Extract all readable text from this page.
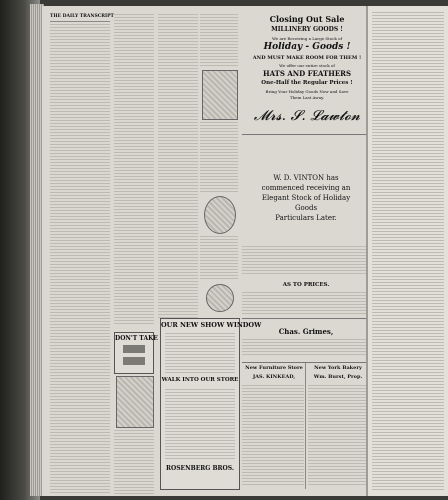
THE DAILY TRANSCRIPT
DON'T TAKE
OUR NEW SHOW WINDOW
WALK INTO OUR STORE
ROSENBERG BROS.
Closing Out Sale
MILLINERY GOODS !
We are Receiving a Large Stock of
Holiday - Goods !
AND MUST MAKE ROOM FOR THEM !
We offer our entire stock of
HATS AND FEATHERS
One-Half the Regular Prices !
Bring Your Holiday Goods Now and Save
Them Last Away.
𝓜𝓻𝓼. 𝓢. 𝓛𝓪𝔀𝓽𝓸𝓷
W. D. VINTON has
commenced receiving an
Elegant Stock of Holiday
Goods
Particulars Later.
AS TO PRICES.
Chas. Grimes,
New Furniture Store	New York Bakery
JAS. KINKEAD,	Wm. Burst, Prop.
